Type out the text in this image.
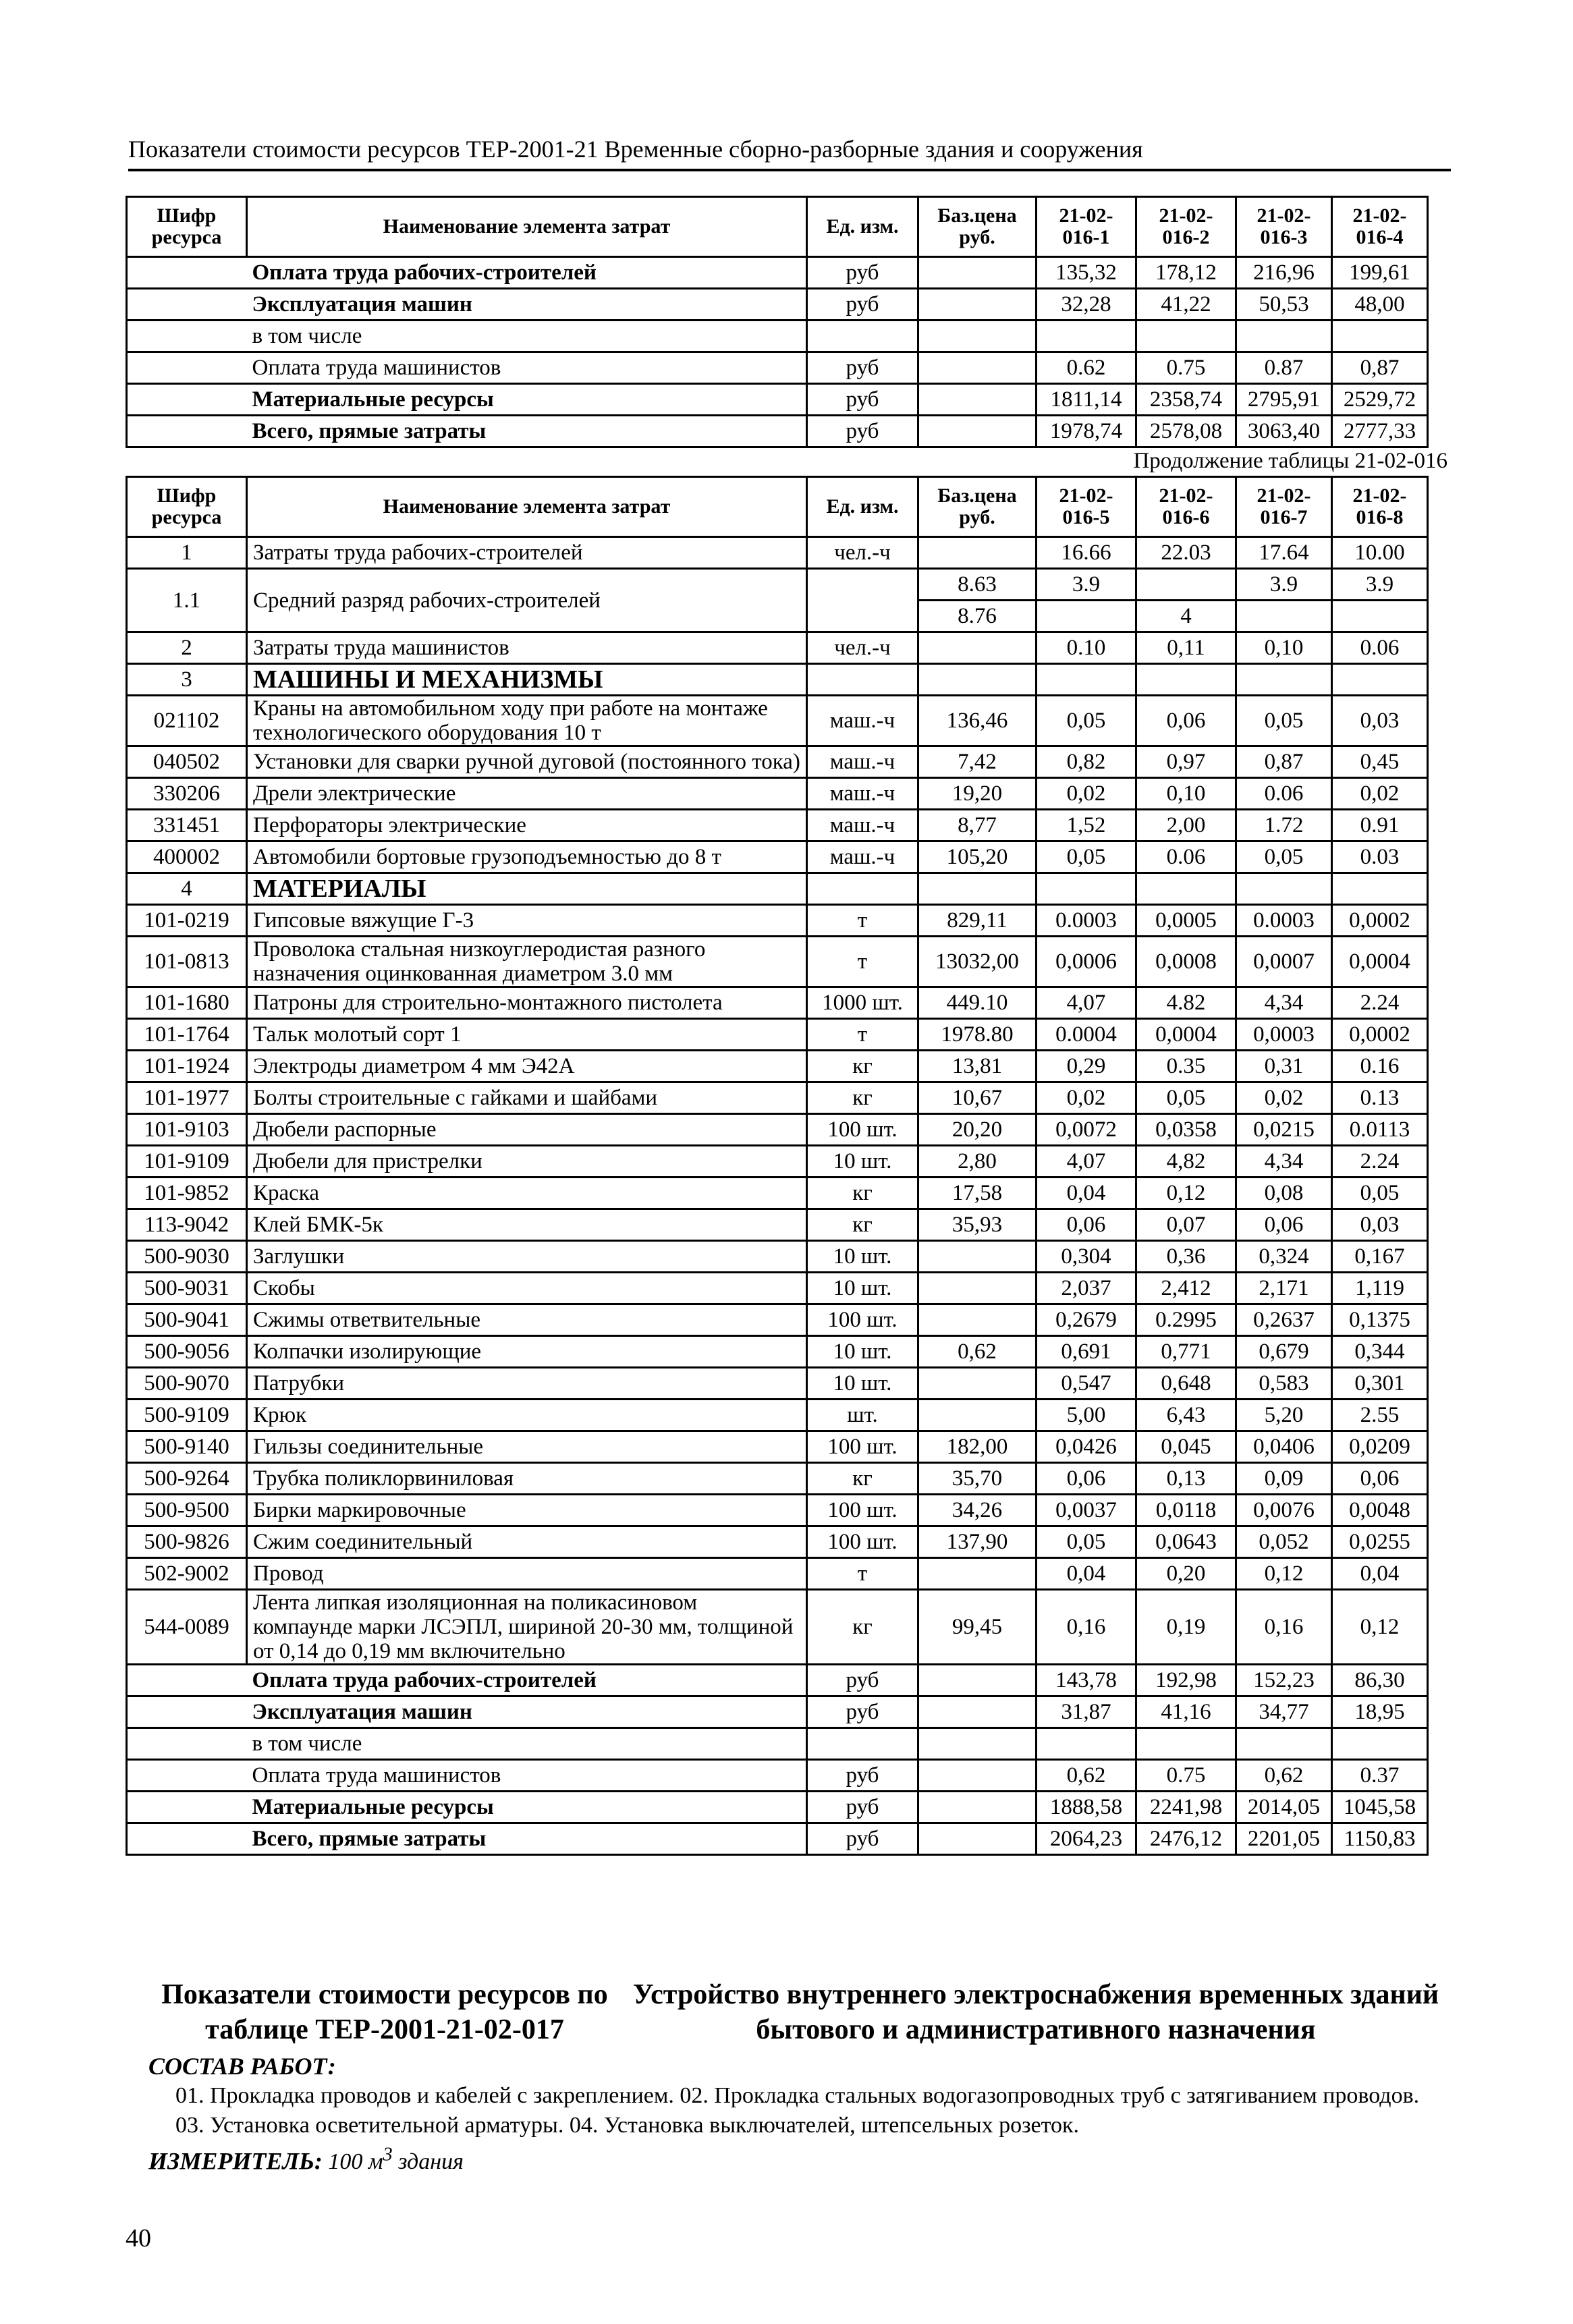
Показатели стоимости ресурсов ТЕР-2001-21 Временные сборно-разборные здания и сооружения
Шифр ресурса	Наименование элемента затрат	Ед. изм.	Баз.цена руб.	21-02-016-1	21-02-016-2	21-02-016-3	21-02-016-4
	Оплата труда рабочих-строителей	руб		135,32	178,12	216,96	199,61
	Эксплуатация машин	руб		32,28	41,22	50,53	48,00
	в том числе						
	Оплата труда машинистов	руб		0.62	0.75	0.87	0,87
	Материальные ресурсы	руб		1811,14	2358,74	2795,91	2529,72
	Всего, прямые затраты	руб		1978,74	2578,08	3063,40	2777,33
Продолжение таблицы 21-02-016
Шифр ресурса	Наименование элемента затрат	Ед. изм.	Баз.цена руб.	21-02-016-5	21-02-016-6	21-02-016-7	21-02-016-8
1	Затраты труда рабочих-строителей	чел.-ч		16.66	22.03	17.64	10.00
1.1	Средний разряд рабочих-строителей		8.63	3.9		3.9	3.9
			8.76		4		
2	Затраты труда машинистов	чел.-ч		0.10	0,11	0,10	0.06
3	МАШИНЫ И МЕХАНИЗМЫ						
021102	Краны на автомобильном ходу при работе на монтаже технологического оборудования 10 т	маш.-ч	136,46	0,05	0,06	0,05	0,03
040502	Установки для сварки ручной дуговой (постоянного тока)	маш.-ч	7,42	0,82	0,97	0,87	0,45
330206	Дрели электрические	маш.-ч	19,20	0,02	0,10	0.06	0,02
331451	Перфораторы электрические	маш.-ч	8,77	1,52	2,00	1.72	0.91
400002	Автомобили бортовые грузоподъемностью до 8 т	маш.-ч	105,20	0,05	0.06	0,05	0.03
4	МАТЕРИАЛЫ						
101-0219	Гипсовые вяжущие Г-3	т	829,11	0.0003	0,0005	0.0003	0,0002
101-0813	Проволока стальная низкоуглеродистая разного назначения оцинкованная диаметром 3.0 мм	т	13032,00	0,0006	0,0008	0,0007	0,0004
101-1680	Патроны для строительно-монтажного пистолета	1000 шт.	449.10	4,07	4.82	4,34	2.24
101-1764	Тальк молотый сорт 1	т	1978.80	0.0004	0,0004	0,0003	0,0002
101-1924	Электроды диаметром 4 мм Э42А	кг	13,81	0,29	0.35	0,31	0.16
101-1977	Болты строительные с гайками и шайбами	кг	10,67	0,02	0,05	0,02	0.13
101-9103	Дюбели распорные	100 шт.	20,20	0,0072	0,0358	0,0215	0.0113
101-9109	Дюбели для пристрелки	10 шт.	2,80	4,07	4,82	4,34	2.24
101-9852	Краска	кг	17,58	0,04	0,12	0,08	0,05
113-9042	Клей БМК-5к	кг	35,93	0,06	0,07	0,06	0,03
500-9030	Заглушки	10 шт.		0,304	0,36	0,324	0,167
500-9031	Скобы	10 шт.		2,037	2,412	2,171	1,119
500-9041	Сжимы ответвительные	100 шт.		0,2679	0.2995	0,2637	0,1375
500-9056	Колпачки изолирующие	10 шт.	0,62	0,691	0,771	0,679	0,344
500-9070	Патрубки	10 шт.		0,547	0,648	0,583	0,301
500-9109	Крюк	шт.		5,00	6,43	5,20	2.55
500-9140	Гильзы соединительные	100 шт.	182,00	0,0426	0,045	0,0406	0,0209
500-9264	Трубка поликлорвиниловая	кг	35,70	0,06	0,13	0,09	0,06
500-9500	Бирки маркировочные	100 шт.	34,26	0,0037	0,0118	0,0076	0,0048
500-9826	Сжим соединительный	100 шт.	137,90	0,05	0,0643	0,052	0,0255
502-9002	Провод	т		0,04	0,20	0,12	0,04
544-0089	Лента липкая изоляционная на поликасиновом компаунде марки ЛСЭПЛ, шириной 20-30 мм, толщиной от 0,14 до 0,19 мм включительно	кг	99,45	0,16	0,19	0,16	0,12
	Оплата труда рабочих-строителей	руб		143,78	192,98	152,23	86,30
	Эксплуатация машин	руб		31,87	41,16	34,77	18,95
	в том числе						
	Оплата труда машинистов	руб		0,62	0.75	0,62	0.37
	Материальные ресурсы	руб		1888,58	2241,98	2014,05	1045,58
	Всего, прямые затраты	руб		2064,23	2476,12	2201,05	1150,83
Показатели стоимости ресурсов по таблице ТЕР-2001-21-02-017
Устройство внутреннего электроснабжения временных зданий бытового и административного назначения
СОСТАВ РАБОТ:
01. Прокладка проводов и кабелей с закреплением. 02. Прокладка стальных водогазопроводных труб с затягиванием проводов. 03. Установка осветительной арматуры. 04. Установка выключателей, штепсельных розеток.
ИЗМЕРИТЕЛЬ: 100 $м^3$ здания
40
